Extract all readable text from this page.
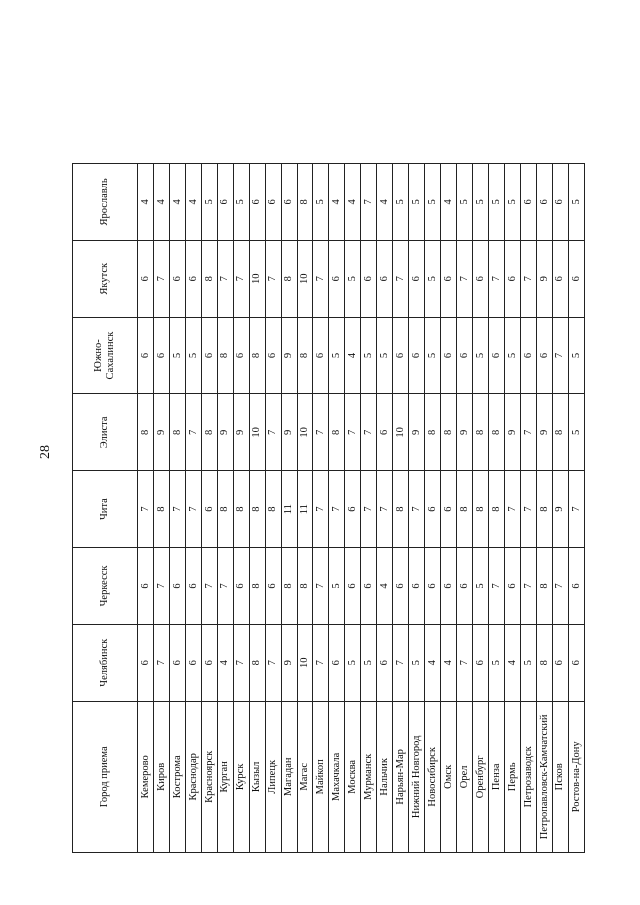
28
Город приема	Челябинск	Черкесск	Чита	Элиста	Южно-Сахалинск	Якутск	Ярославль
Кемерово	6	6	7	8	6	6	4
Киров	7	7	8	9	6	7	4
Кострома	6	6	7	8	5	6	4
Краснодар	6	6	7	7	5	6	4
Красноярск	6	7	6	8	6	8	5
Курган	4	7	8	9	8	7	6
Курск	7	6	8	9	6	7	5
Кызыл	8	8	8	10	8	10	6
Липецк	7	6	8	7	6	7	6
Магадан	9	8	11	9	9	8	6
Магас	10	8	11	10	8	10	8
Майкоп	7	7	7	7	6	7	5
Махачкала	6	5	7	8	5	6	4
Москва	5	6	6	7	4	5	4
Мурманск	5	6	7	7	5	6	7
Нальчик	6	4	7	6	5	6	4
Нарьян-Мар	7	6	8	10	6	7	5
Нижний Новгород	5	6	7	9	6	6	5
Новосибирск	4	6	6	8	5	5	5
Омск	4	6	6	8	6	6	4
Орел	7	6	8	9	6	7	5
Оренбург	6	5	8	8	5	6	5
Пенза	5	7	8	8	6	7	5
Пермь	4	6	7	9	5	6	5
Петрозаводск	5	7	7	7	6	7	6
Петропавловск-Камчатский	8	8	8	9	6	9	6
Псков	6	7	9	8	7	6	6
Ростов-на-Дону	6	6	7	5	5	6	5
